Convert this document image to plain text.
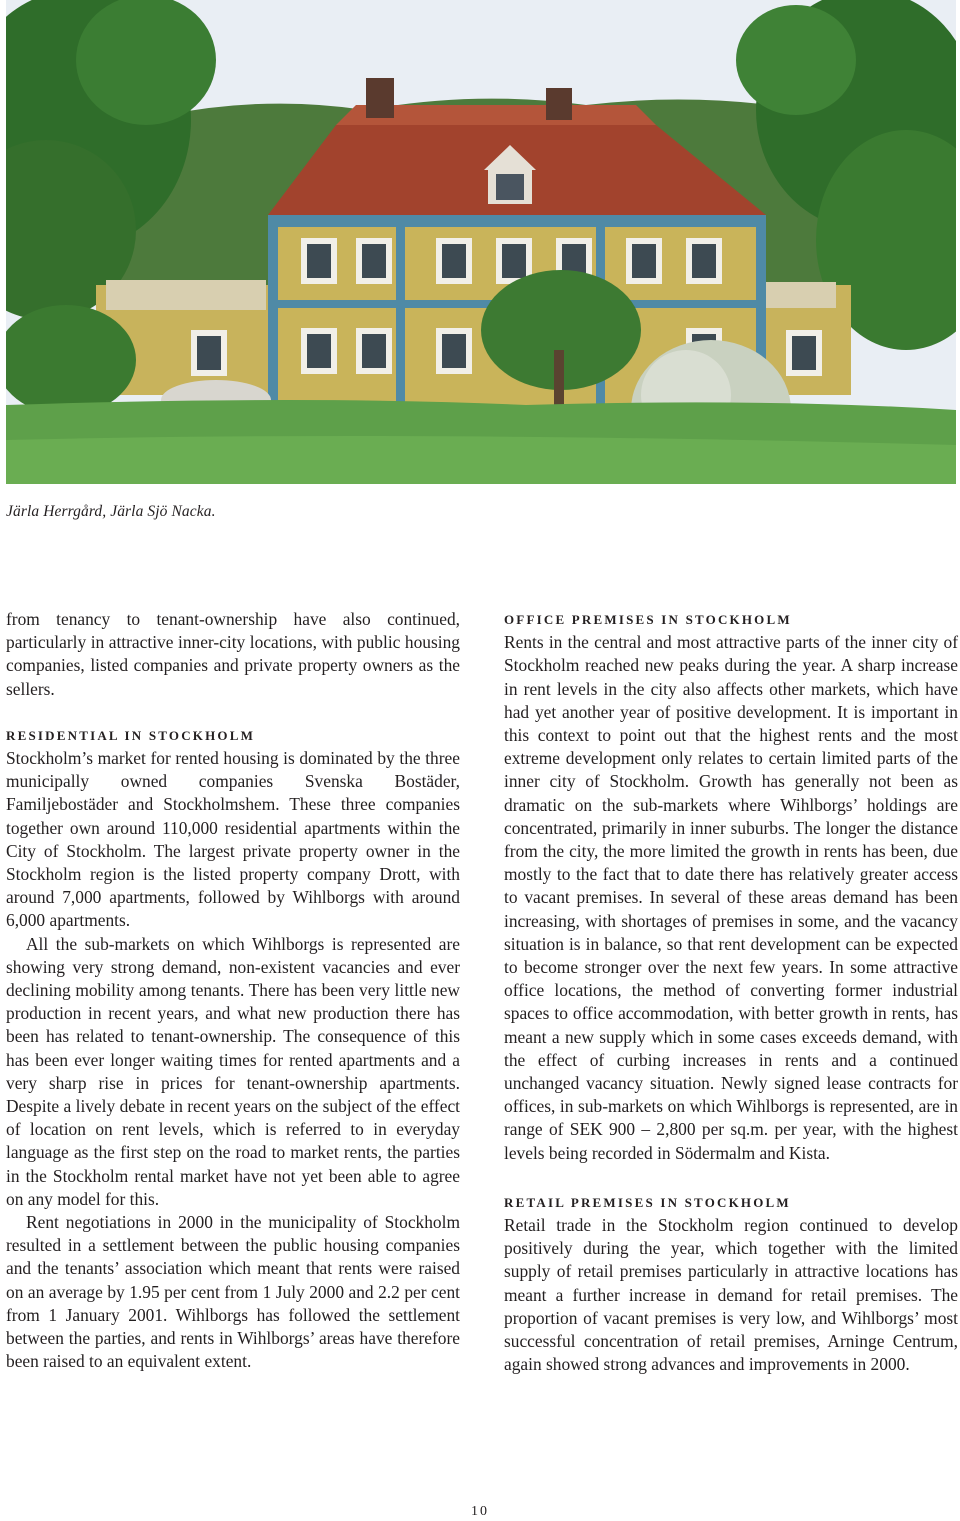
Järla Herrgård, Järla Sjö Nacka.

from tenancy to tenant-ownership have also continued, particularly in attractive inner-city locations, with public housing companies, listed companies and private property owners as the sellers.

RESIDENTIAL IN STOCKHOLM

Stockholm’s market for rented housing is dominated by the three municipally owned companies Svenska Bostäder, Familjebostäder and Stockholmshem. These three companies together own around 110,000 residential apartments within the City of Stockholm. The largest private property owner in the Stockholm region is the listed property company Drott, with around 7,000 apartments, followed by Wihlborgs with around 6,000 apartments.

All the sub-markets on which Wihlborgs is represented are showing very strong demand, non-existent vacancies and ever declining mobility among tenants. There has been very little new production in recent years, and what new production there has been has related to tenant-ownership. The consequence of this has been ever longer waiting times for rented apartments and a very sharp rise in prices for tenant-ownership apartments. Despite a lively debate in recent years on the subject of the effect of location on rent levels, which is referred to in everyday language as the first step on the road to market rents, the parties in the Stockholm rental market have not yet been able to agree on any model for this.

Rent negotiations in 2000 in the municipality of Stockholm resulted in a settlement between the public housing companies and the tenants’ association which meant that rents were raised on an average by 1.95 per cent from 1 July 2000 and 2.2 per cent from 1 January 2001. Wihlborgs has followed the settlement between the parties, and rents in Wihlborgs’ areas have therefore been raised to an equivalent extent.

OFFICE PREMISES IN STOCKHOLM

Rents in the central and most attractive parts of the inner city of Stockholm reached new peaks during the year. A sharp increase in rent levels in the city also affects other markets, which have had yet another year of positive development. It is important in this context to point out that the highest rents and the most extreme development only relates to certain limited parts of the inner city of Stockholm. Growth has generally not been as dramatic on the sub-markets where Wihlborgs’ holdings are concentrated, primarily in inner suburbs. The longer the distance from the city, the more limited the growth in rents has been, due mostly to the fact that to date there has relatively greater access to vacant premises. In several of these areas demand has been increasing, with shortages of premises in some, and the vacancy situation is in balance, so that rent development can be expected to become stronger over the next few years. In some attractive office locations, the method of converting former industrial spaces to office accommodation, with better growth in rents, has meant a new supply which in some cases exceeds demand, with the effect of curbing increases in rents and a continued unchanged vacancy situation. Newly signed lease contracts for offices, in sub-markets on which Wihlborgs is represented, are in range of SEK 900 – 2,800 per sq.m. per year, with the highest levels being recorded in Södermalm and Kista.

RETAIL PREMISES IN STOCKHOLM

Retail trade in the Stockholm region continued to develop positively during the year, which together with the limited supply of retail premises particularly in attractive locations has meant a further increase in demand for retail premises. The proportion of vacant premises is very low, and Wihlborgs’ most successful concentration of retail premises, Arninge Centrum, again showed strong advances and improvements in 2000.

10
